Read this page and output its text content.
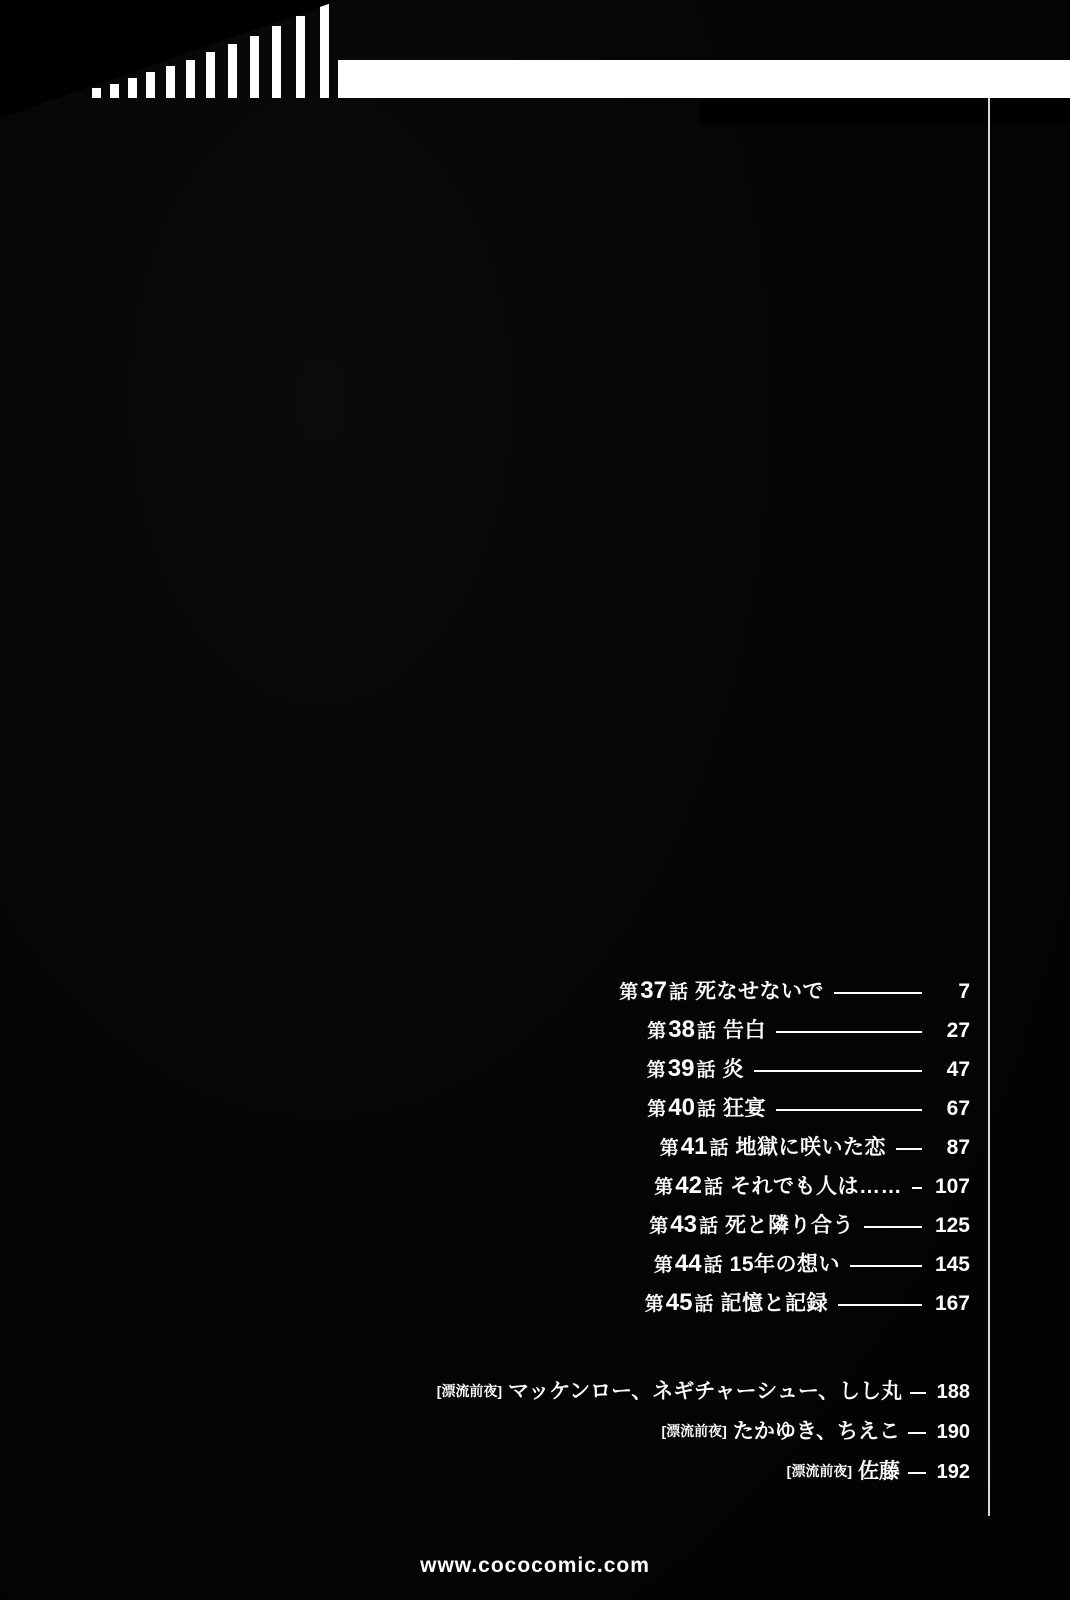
CONTENTS
第37 話 死なせないで	7
第38 話 告白	27
第39 話 炎	47
第40 話 狂宴	67
第41 話 地獄に咲いた恋	87
第42 話 それでも人は…… 107
第43 話 死と隣り合う	125
第44 話 15年の想い	145
第45 話 記憶と記録	167
[漂流前夜] マッケンロー、ネギチャーシュー、しし丸 188
[漂流前夜] たかゆき、ちえこ 190
[漂流前夜] 佐藤 192
www.cococomic.com
